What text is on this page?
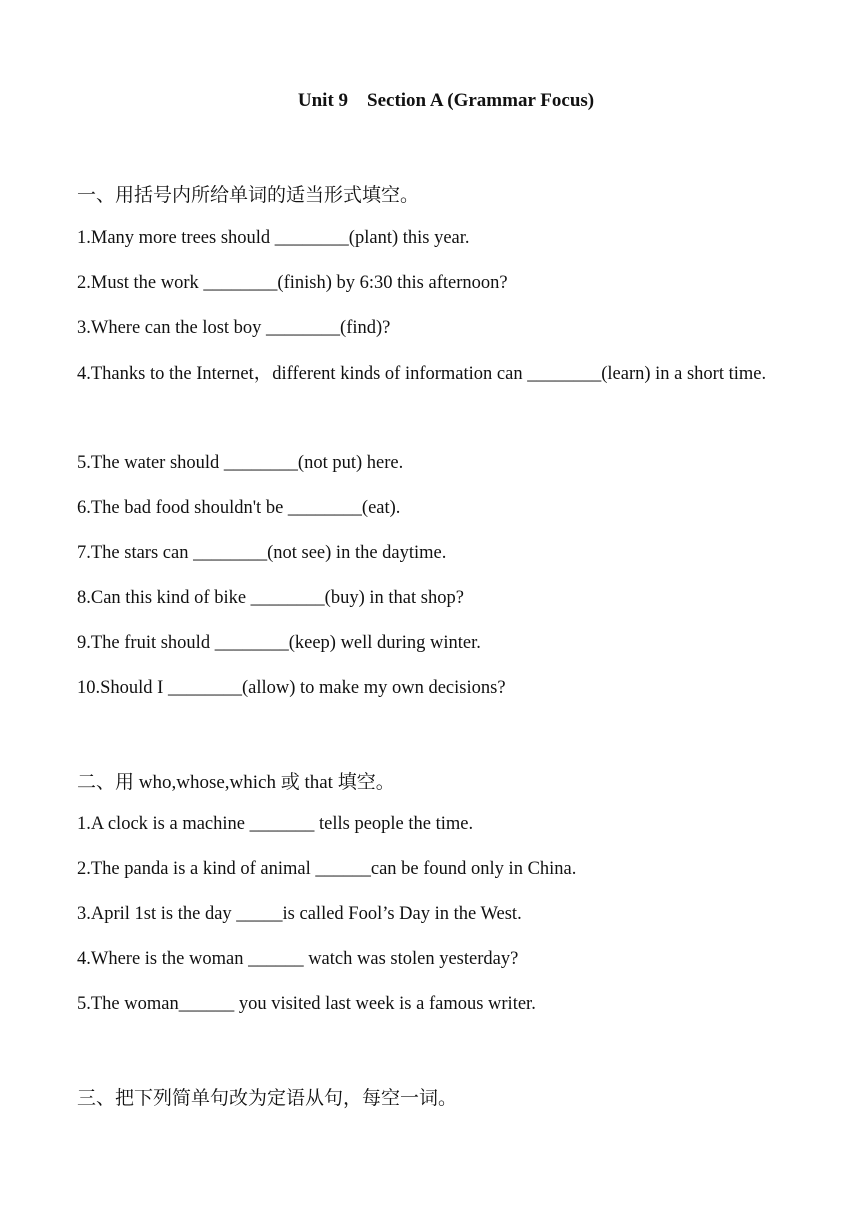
Unit 9    Section A (Grammar Focus)
一、用括号内所给单词的适当形式填空。
1.Many more trees should ________(plant) this year.
2.Must the work ________(finish) by 6:30 this afternoon?
3.Where can the lost boy ________(find)?
4.Thanks to the Internet，different kinds of information can ________(learn) in a short time.
5.The water should ________(not put) here.
6.The bad food shouldn't be ________(eat).
7.The stars can ________(not see) in the daytime.
8.Can this kind of bike ________(buy) in that shop?
9.The fruit should ________(keep) well during winter.
10.Should I ________(allow) to make my own decisions?
二、用 who,whose,which 或 that 填空。
1.A clock is a machine _______ tells people the time.
2.The panda is a kind of animal ______can be found only in China.
3.April 1st is the day _____is called Fool’s Day in the West.
4.Where is the woman ______ watch was stolen yesterday?
5.The woman______ you visited last week is a famous writer.
三、把下列简单句改为定语从句，每空一词。
